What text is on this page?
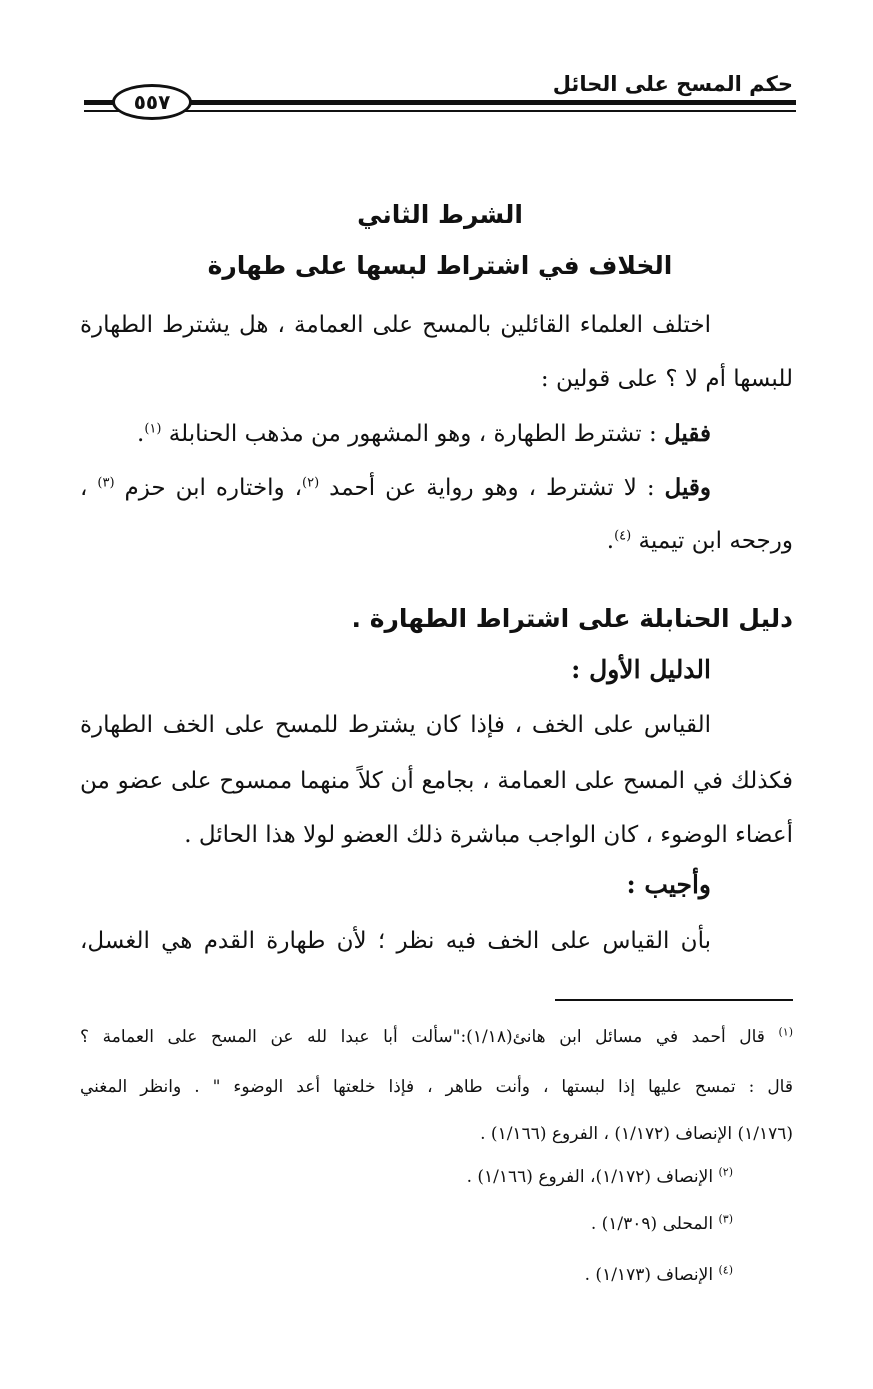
حكم المسح على الحائل
٥٥٧
الشرط الثاني
الخلاف في اشتراط لبسها على طهارة
اختلف العلماء القائلين بالمسح على العمامة ، هل يشترط الطهارة
للبسها أم لا ؟ على قولين :
فقيل : تشترط الطهارة ، وهو المشهور من مذهب الحنابلة $^{(١)}$.
وقيل : لا تشترط ، وهو رواية عن أحمد $^{(٢)}$، واختاره ابن حزم $^{(٣)}$ ،
ورجحه ابن تيمية $^{(٤)}$.
دليل الحنابلة على اشتراط الطهارة .
الدليل الأول :
القياس على الخف ، فإذا كان يشترط للمسح على الخف الطهارة
فكذلك في المسح على العمامة ، بجامع أن كلاً منهما ممسوح على عضو من
أعضاء الوضوء ، كان الواجب مباشرة ذلك العضو لولا هذا الحائل .
وأجيب :
بأن القياس على الخف فيه نظر ؛ لأن طهارة القدم هي الغسل،
$^{(١)}$ قال أحمد في مسائل ابن هانئ(١/١٨):"سألت أبا عبدا لله عن المسح على العمامة ؟
قال : تمسح عليها إذا لبستها ، وأنت طاهر ، فإذا خلعتها أعد الوضوء " . وانظر المغني
(١/١٧٦) الإنصاف (١/١٧٢) ، الفروع (١/١٦٦) .
$^{(٢)}$ الإنصاف (١/١٧٢)، الفروع (١/١٦٦) .
$^{(٣)}$ المحلى (١/٣٠٩) .
$^{(٤)}$ الإنصاف (١/١٧٣) .
